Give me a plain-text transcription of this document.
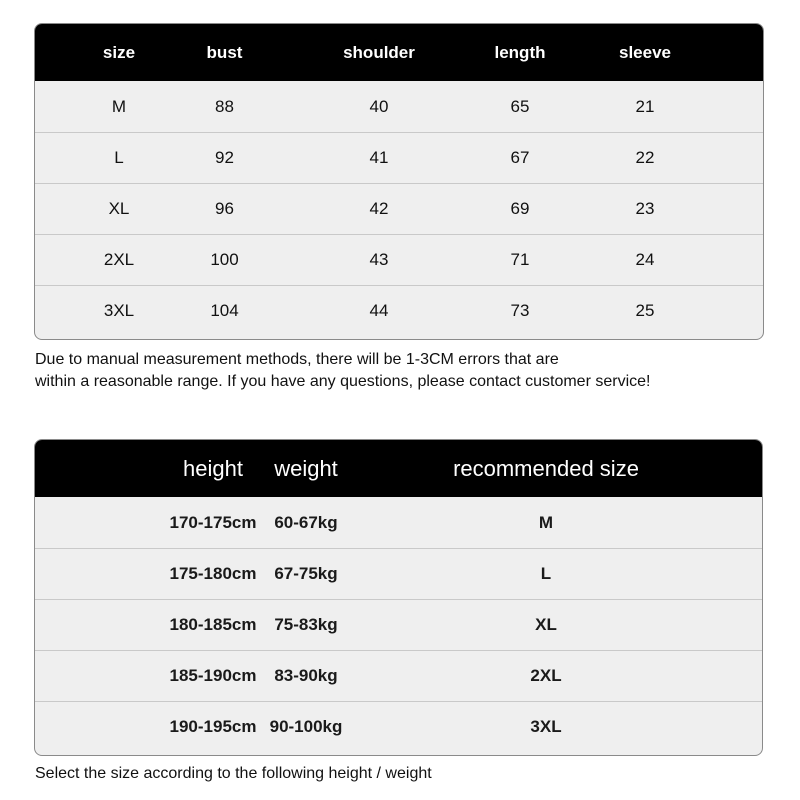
size	bust	shoulder	length	sleeve
M	88	40	65	21
L	92	41	67	22
XL	96	42	69	23
2XL	100	43	71	24
3XL	104	44	73	25
Due to manual measurement methods, there will be 1-3CM errors that are
within a reasonable range. If you have any questions, please contact customer service!
height	weight	recommended size
170-175cm	60-67kg	M
175-180cm	67-75kg	L
180-185cm	75-83kg	XL
185-190cm	83-90kg	2XL
190-195cm 90-100kg	3XL
Select the size according to the following height / weight
